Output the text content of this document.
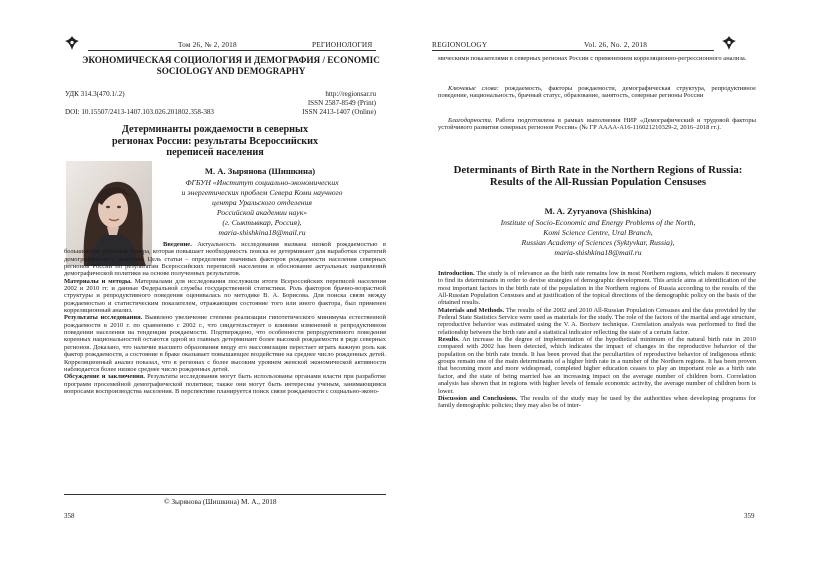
Том 26, № 2, 2018	РЕГИОНОЛОГИЯ
ЭКОНОМИЧЕСКАЯ СОЦИОЛОГИЯ И ДЕМОГРАФИЯ / ECONOMIC SOCIOLOGY AND DEMOGRAPHY
УДК 314.3(470.1/.2)	http://regionsar.ru
ISSN 2587-8549 (Print)
DOI: 10.15507/2413-1407.103.026.201802.358-383	ISSN 2413-1407 (Online)
Детерминанты рождаемости в северных регионах России: результаты Всероссийских переписей населения
М. А. Зырянова (Шишкина)
ФГБУН «Институт социально-экономических
и энергетических проблем Севера Коми научного
центра Уральского отделения
Российской академии наук»
(г. Сыктывкар, Россия),
maria-shishkina18@mail.ru

Введение. Актуальность исследования вызвана низкой рождаемостью в большинстве регионов Севера, которая повышает необходимость поиска ее детерминант для выработки стратегий демографического развития. Цель статьи – определение значимых факторов рождаемости населения северных регионов России по результатам Всероссийских переписей населения и обоснование актуальных направлений демографической политики на основе полученных результатов.

Материалы и методы. Материалами для исследования послужили итоги Всероссийских переписей населения 2002 и 2010 гг. и данные Федеральной службы государственной статистики. Роль факторов брачно-возрастной структуры и репродуктивного поведения оценивалась по методике В. А. Борисова. Для поиска связи между рождаемостью и статистическим показателем, отражающим состояние того или иного фактора, был применен корреляционный анализ.

Результаты исследования. Выявлено увеличение степени реализации гипотетического минимума естественной рождаемости в 2010 г. по сравнению с 2002 г., что свидетельствует о влиянии изменений в репродуктивном поведении населения на тенденции рождаемости. Подтверждено, что особенности репродуктивного поведения коренных национальностей остаются одной из главных детерминант более высокой рождаемости в ряде северных регионов. Доказано, что наличие высшего образования вводу его массовизации перестает играть важную роль как фактор рождаемости, а состояние в браке оказывает повышающее воздействие на среднее число рожденных детей. Корреляционный анализ показал, что в регионах с более высоким уровнем женской экономической активности наблюдается более низкое среднее число рожденных детей.

Обсуждение и заключения. Результаты исследования могут быть использованы органами власти при разработке программ просемейной демографической политики; также они могут быть интересны ученым, занимающимся вопросами воспроизводства населения. В перспективе планируется поиск связи рождаемости с социально-эконо-

© Зырянова (Шишкина) М. А., 2018
358
REGIONOLOGY	Vol. 26, No. 2, 2018
мическими показателями в северных регионах России с применением корреляционно-регрессионного анализа.
Ключевые слова: рождаемость, факторы рождаемости, демографическая структура, репродуктивное поведение, национальность, брачный статус, образование, занятость, северные регионы России
Благодарности. Работа подготовлена в рамках выполнения НИР «Демографический и трудовой факторы устойчивого развития северных регионов России» (№ ГР АААА-А16-116021210329-2, 2016–2018 гг.).
Determinants of Birth Rate in the Northern Regions of Russia: Results of the All-Russian Population Censuses
M. A. Zyryanova (Shishkina)
Institute of Socio-Economic and Energy Problems of the North,
Komi Science Centre, Ural Branch,
Russian Academy of Sciences (Syktyvkar, Russia),
maria-shishkina18@mail.ru

Introduction. The study is of relevance as the birth rate remains low in most Northern regions, which makes it necessary to find its determinants in order to devise strategies of demographic development. This article aims at identification of the most important factors in the birth rate of the population in the Northern regions of Russia according to the results of the All-Russian Population Censuses and at justification of the topical directions of the demographic policy on the basis of the obtained results.

Materials and Methods. The results of the 2002 and 2010 All-Russian Population Censuses and the data provided by the Federal State Statistics Service were used as materials for the study. The role of the factors of the marital and age structure, reproductive behavior was estimated using the V. A. Borisov technique. Correlation analysis was performed to find the relationship between the birth rate and a statistical indicator reflecting the state of a certain factor.

Results. An increase in the degree of implementation of the hypothetical minimum of the natural birth rate in 2010 compared with 2002 has been detected, which indicates the impact of changes in the reproductive behavior of the population on the birth rate trends. It has been proved that the peculiarities of reproductive behavior of indigenous ethnic groups remain one of the main determinants of a higher birth rate in a number of the Northern regions. It has been proven that becoming more and more widespread, completed higher education ceases to play an important role as a birth rate factor, and the state of being married has an increasing impact on the average number of children born. Correlation analysis has shown that in regions with higher levels of female economic activity, the average number of children born is lower.

Discussion and Conclusions. The results of the study may be used by the authorities when developing programs for family demographic policies; they may also be of inter-

359
